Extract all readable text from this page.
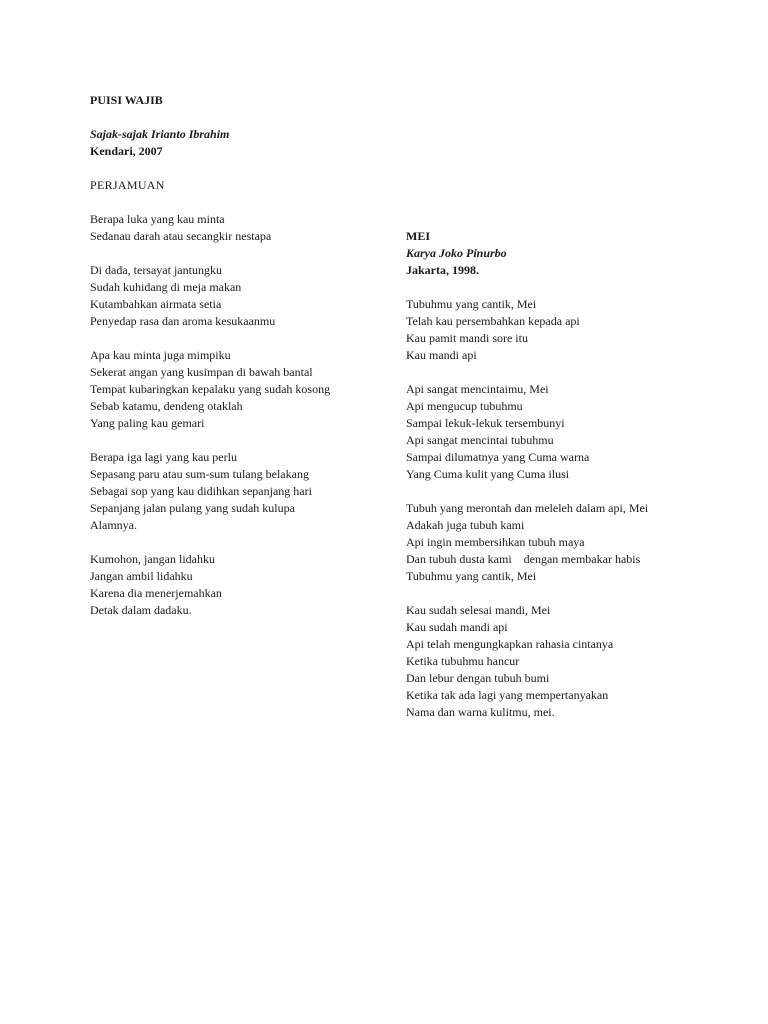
PUISI WAJIB
Sajak-sajak Irianto Ibrahim
Kendari, 2007
PERJAMUAN
Berapa luka yang kau minta
Sedanau darah atau secangkir nestapa
Di dada, tersayat jantungku
Sudah kuhidang di meja makan
Kutambahkan airmata setia
Penyedap rasa dan aroma kesukaanmu
Apa kau minta juga mimpiku
Sekerat angan yang kusimpan di bawah bantal
Tempat kubaringkan kepalaku yang sudah kosong
Sebab katamu, dendeng otaklah
Yang paling kau gemari
Berapa iga lagi yang kau perlu
Sepasang paru atau sum-sum tulang belakang
Sebagai sop yang kau didihkan sepanjang hari
Sepanjang jalan pulang yang sudah kulupa
Alamnya.
Kumohon, jangan lidahku
Jangan ambil lidahku
Karena dia menerjemahkan
Detak dalam dadaku.
MEI
Karya Joko Pinurbo
Jakarta, 1998.
Tubuhmu yang cantik, Mei
Telah kau persembahkan kepada api
Kau pamit mandi sore itu
Kau mandi api
Api sangat mencintaimu, Mei
Api mengucup tubuhmu
Sampai lekuk-lekuk tersembunyi
Api sangat mencintai tubuhmu
Sampai dilumatnya yang Cuma warna
Yang Cuma kulit yang Cuma ilusi
Tubuh yang merontah dan meleleh dalam api, Mei
Adakah juga tubuh kami
Api ingin membersihkan tubuh maya
Dan tubuh dusta kami    dengan membakar habis
Tubuhmu yang cantik, Mei
Kau sudah selesai mandi, Mei
Kau sudah mandi api
Api telah mengungkapkan rahasia cintanya
Ketika tubuhmu hancur
Dan lebur dengan tubuh bumi
Ketika tak ada lagi yang mempertanyakan
Nama dan warna kulitmu, mei.
